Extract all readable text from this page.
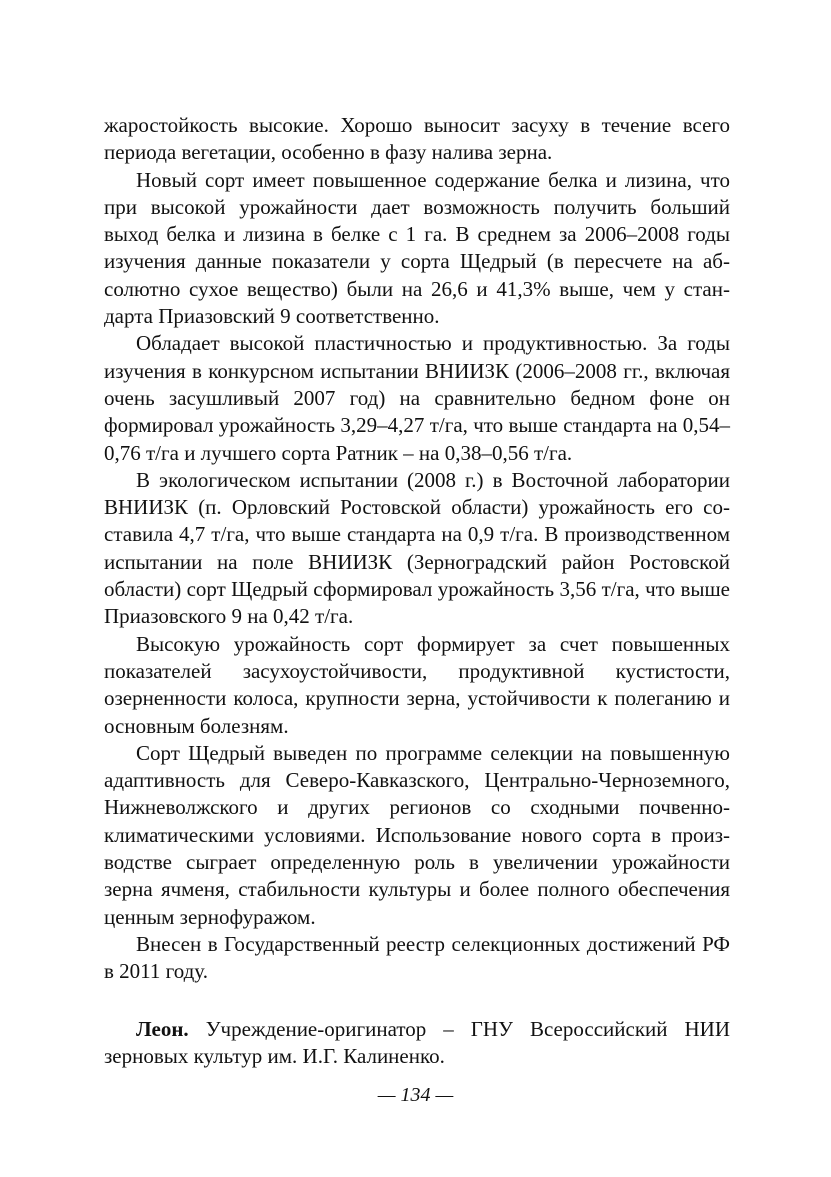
жаростойкость высокие. Хорошо выносит засуху в течение всего периода вегетации, особенно в фазу налива зерна.

Новый сорт имеет повышенное содержание белка и лизина, что при высокой урожайности дает возможность получить больший выход белка и лизина в белке с 1 га. В среднем за 2006–2008 годы изучения данные показатели у сорта Щедрый (в пересчете на абсолютно сухое вещество) были на 26,6 и 41,3% выше, чем у стандарта Приазовский 9 соответственно.

Обладает высокой пластичностью и продуктивностью. За годы изучения в конкурсном испытании ВНИИЗК (2006–2008 гг., включая очень засушливый 2007 год) на сравнительно бедном фоне он формировал урожайность 3,29–4,27 т/га, что выше стандарта на 0,54–0,76 т/га и лучшего сорта Ратник – на 0,38–0,56 т/га.

В экологическом испытании (2008 г.) в Восточной лаборатории ВНИИЗК (п. Орловский Ростовской области) урожайность его составила 4,7 т/га, что выше стандарта на 0,9 т/га. В производственном испытании на поле ВНИИЗК (Зерноградский район Ростовской области) сорт Щедрый сформировал урожайность 3,56 т/га, что выше Приазовского 9 на 0,42 т/га.

Высокую урожайность сорт формирует за счет повышенных показателей засухоустойчивости, продуктивной кустистости, озерненности колоса, крупности зерна, устойчивости к полеганию и основным болезням.

Сорт Щедрый выведен по программе селекции на повышенную адаптивность для Северо-Кавказского, Центрально-Черноземного, Нижневолжского и других регионов со сходными почвенно-климатическими условиями. Использование нового сорта в производстве сыграет определенную роль в увеличении урожайности зерна ячменя, стабильности культуры и более полного обеспечения ценным зернофуражом.

Внесен в Государственный реестр селекционных достижений РФ в 2011 году.

Леон. Учреждение-оригинатор – ГНУ Всероссийский НИИ зерновых культур им. И.Г. Калиненко.

— 134 —
